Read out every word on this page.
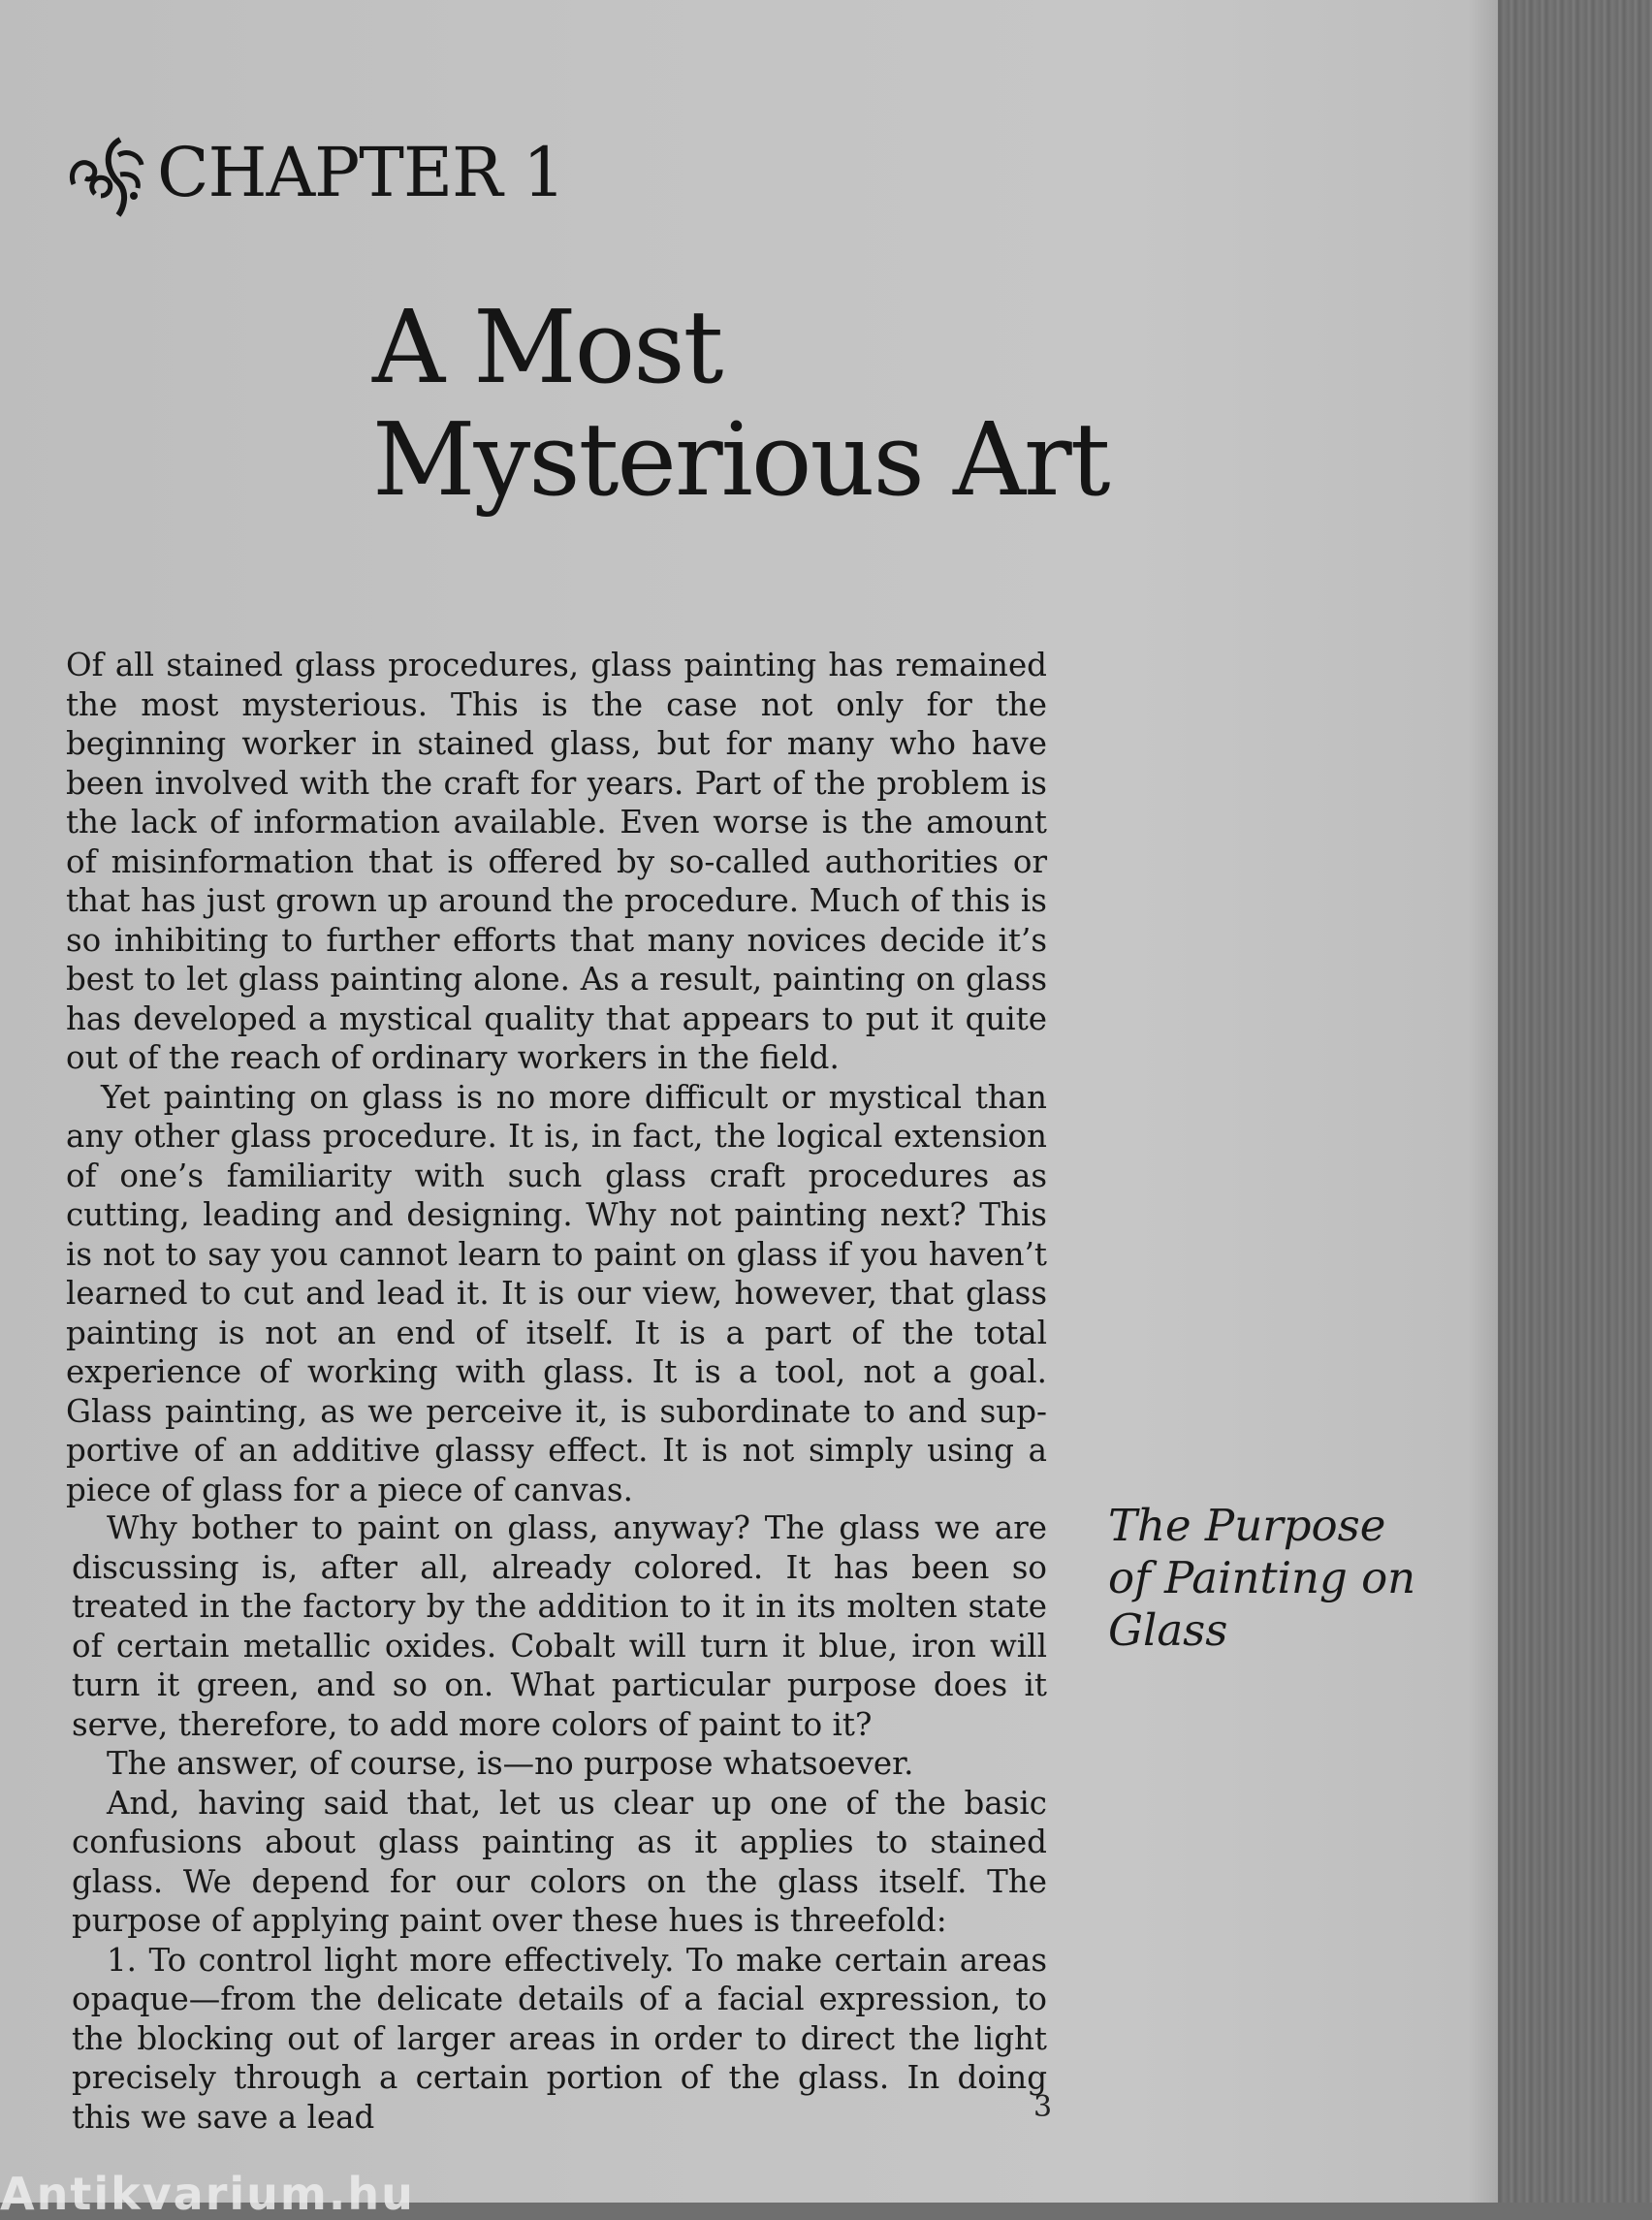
CHAPTER 1
A Most
Mysterious Art

Of all stained glass procedures, glass painting has remained the most mysterious. This is the case not only for the beginning worker in stained glass, but for many who have been involved with the craft for years. Part of the problem is the lack of information available. Even worse is the amount of misinformation that is offered by so-called authorities or that has just grown up around the procedure. Much of this is so inhibiting to further efforts that many novices decide it’s best to let glass painting alone. As a result, painting on glass has developed a mystical quality that appears to put it quite out of the reach of ordinary workers in the field.

Yet painting on glass is no more difficult or mystical than any other glass procedure. It is, in fact, the logical extension of one’s familiarity with such glass craft procedures as cutting, leading and designing. Why not painting next? This is not to say you cannot learn to paint on glass if you haven’t learned to cut and lead it. It is our view, however, that glass painting is not an end of itself. It is a part of the total experience of working with glass. It is a tool, not a goal. Glass painting, as we perceive it, is subordinate to and supportive of an additive glassy effect. It is not simply using a piece of glass for a piece of canvas.

The Purpose of Painting on Glass

Why bother to paint on glass, anyway? The glass we are discussing is, after all, already colored. It has been so treated in the factory by the addition to it in its molten state of certain metallic oxides. Cobalt will turn it blue, iron will turn it green, and so on. What particular purpose does it serve, therefore, to add more colors of paint to it?

The answer, of course, is—no purpose whatsoever.

And, having said that, let us clear up one of the basic confusions about glass painting as it applies to stained glass. We depend for our colors on the glass itself. The purpose of applying paint over these hues is threefold:

1. To control light more effectively. To make certain areas opaque—from the delicate details of a facial expression, to the blocking out of larger areas in order to direct the light precisely through a certain portion of the glass. In doing this we save a lead	3
Antikvarium.hu
